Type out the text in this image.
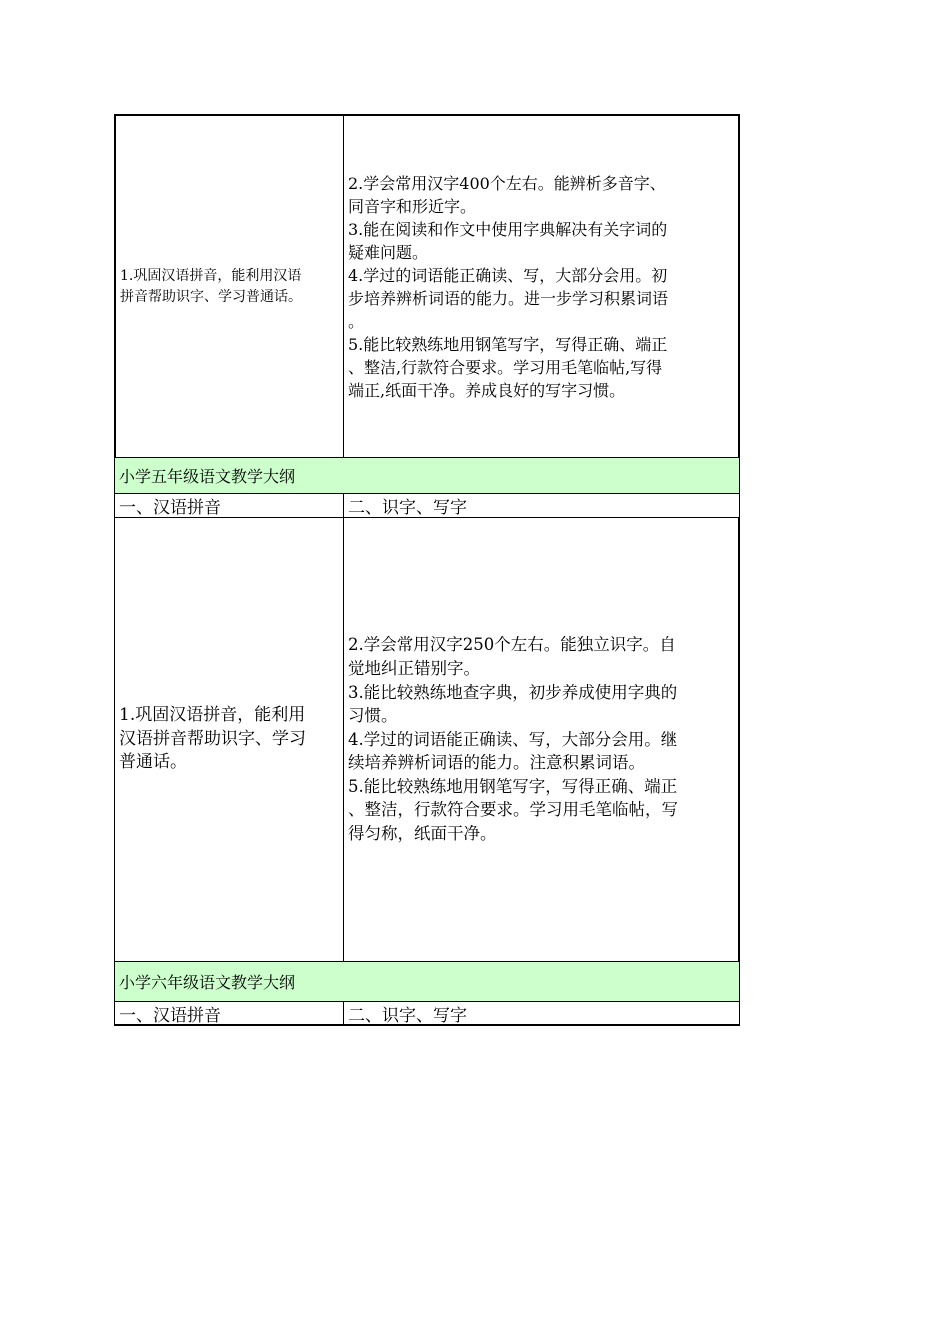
1.巩固汉语拼音，能利用汉语
拼音帮助识字、学习普通话。
2.学会常用汉字400个左右。能辨析多音字、
同音字和形近字。
3.能在阅读和作文中使用字典解决有关字词的
疑难问题。
4.学过的词语能正确读、写，大部分会用。初
步培养辨析词语的能力。进一步学习积累词语
。
5.能比较熟练地用钢笔写字，写得正确、端正
、整洁,行款符合要求。学习用毛笔临帖,写得
端正,纸面干净。养成良好的写字习惯。
小学五年级语文教学大纲
一、汉语拼音	二、识字、写字
1.巩固汉语拼音，能利用
汉语拼音帮助识字、学习
普通话。
2.学会常用汉字250个左右。能独立识字。自
觉地纠正错别字。
3.能比较熟练地查字典，初步养成使用字典的
习惯。
4.学过的词语能正确读、写，大部分会用。继
续培养辨析词语的能力。注意积累词语。
5.能比较熟练地用钢笔写字，写得正确、端正
、整洁，行款符合要求。学习用毛笔临帖，写
得匀称，纸面干净。
小学六年级语文教学大纲
一、汉语拼音	二、识字、写字
